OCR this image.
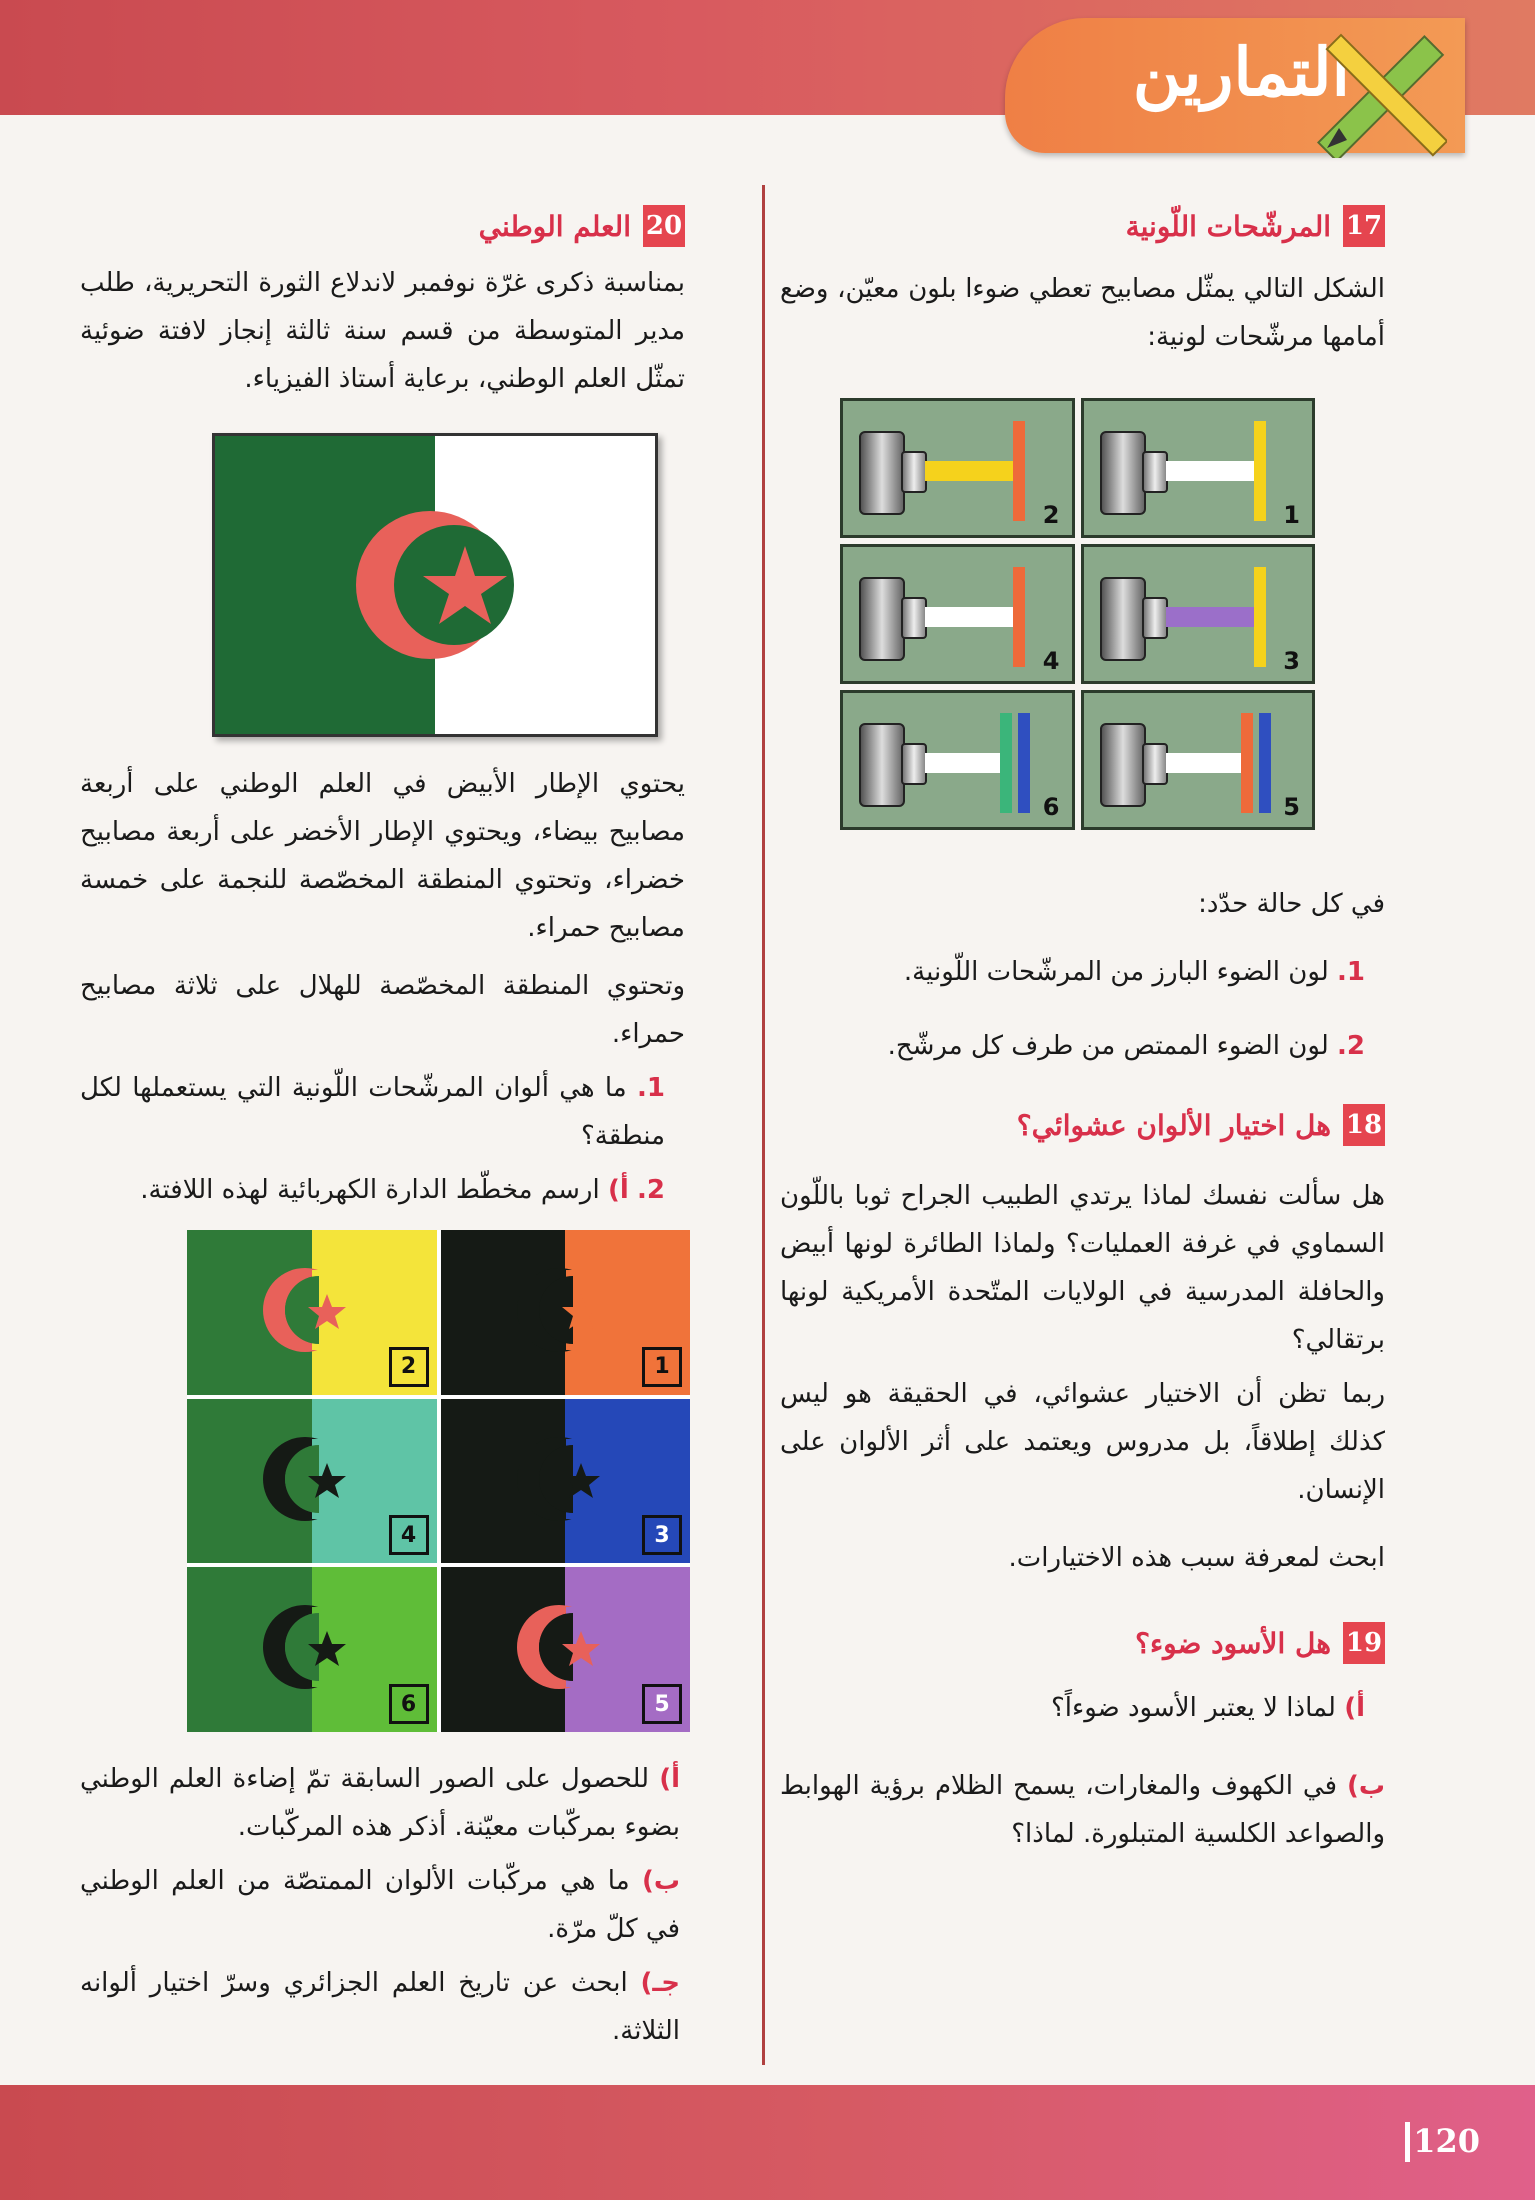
التمارين
17
المرشّحات اللّونية

الشكل التالي يمثّل مصابيح تعطي ضوءا بلون معيّن، وضع أمامها مرشّحات لونية:

2	1
4	3
6	5

في كل حالة حدّد:

1. لون الضوء البارز من المرشّحات اللّونية.

2. لون الضوء الممتص من طرف كل مرشّح.

18
هل اختيار الألوان عشوائي؟

هل سألت نفسك لماذا يرتدي الطبيب الجراح ثوبا باللّون السماوي في غرفة العمليات؟ ولماذا الطائرة لونها أبيض والحافلة المدرسية في الولايات المتّحدة الأمريكية لونها برتقالي؟

ربما تظن أن الاختيار عشوائي، في الحقيقة هو ليس كذلك إطلاقاً، بل مدروس ويعتمد على أثر الألوان على الإنسان.

ابحث لمعرفة سبب هذه الاختيارات.

19
هل الأسود ضوء؟

أ) لماذا لا يعتبر الأسود ضوءاً؟

ب) في الكهوف والمغارات، يسمح الظلام برؤية الهوابط والصواعد الكلسية المتبلورة. لماذا؟

20
العلم الوطني

بمناسبة ذكرى غرّة نوفمبر لاندلاع الثورة التحريرية، طلب مدير المتوسطة من قسم سنة ثالثة إنجاز لافتة ضوئية تمثّل العلم الوطني، برعاية أستاذ الفيزياء.

يحتوي الإطار الأبيض في العلم الوطني على أربعة مصابيح بيضاء، ويحتوي الإطار الأخضر على أربعة مصابيح خضراء، وتحتوي المنطقة المخصّصة للنجمة على خمسة مصابيح حمراء.

وتحتوي المنطقة المخصّصة للهلال على ثلاثة مصابيح حمراء.

1. ما هي ألوان المرشّحات اللّونية التي يستعملها لكل منطقة؟

2. أ) ارسم مخطّط الدارة الكهربائية لهذه اللافتة.

2	1
4	3
6	5

أ) للحصول على الصور السابقة تمّ إضاءة العلم الوطني بضوء بمركّبات معيّنة. أذكر هذه المركّبات.

ب) ما هي مركّبات الألوان الممتصّة من العلم الوطني في كلّ مرّة.

جـ) ابحث عن تاريخ العلم الجزائري وسرّ اختيار ألوانه الثلاثة.

120
